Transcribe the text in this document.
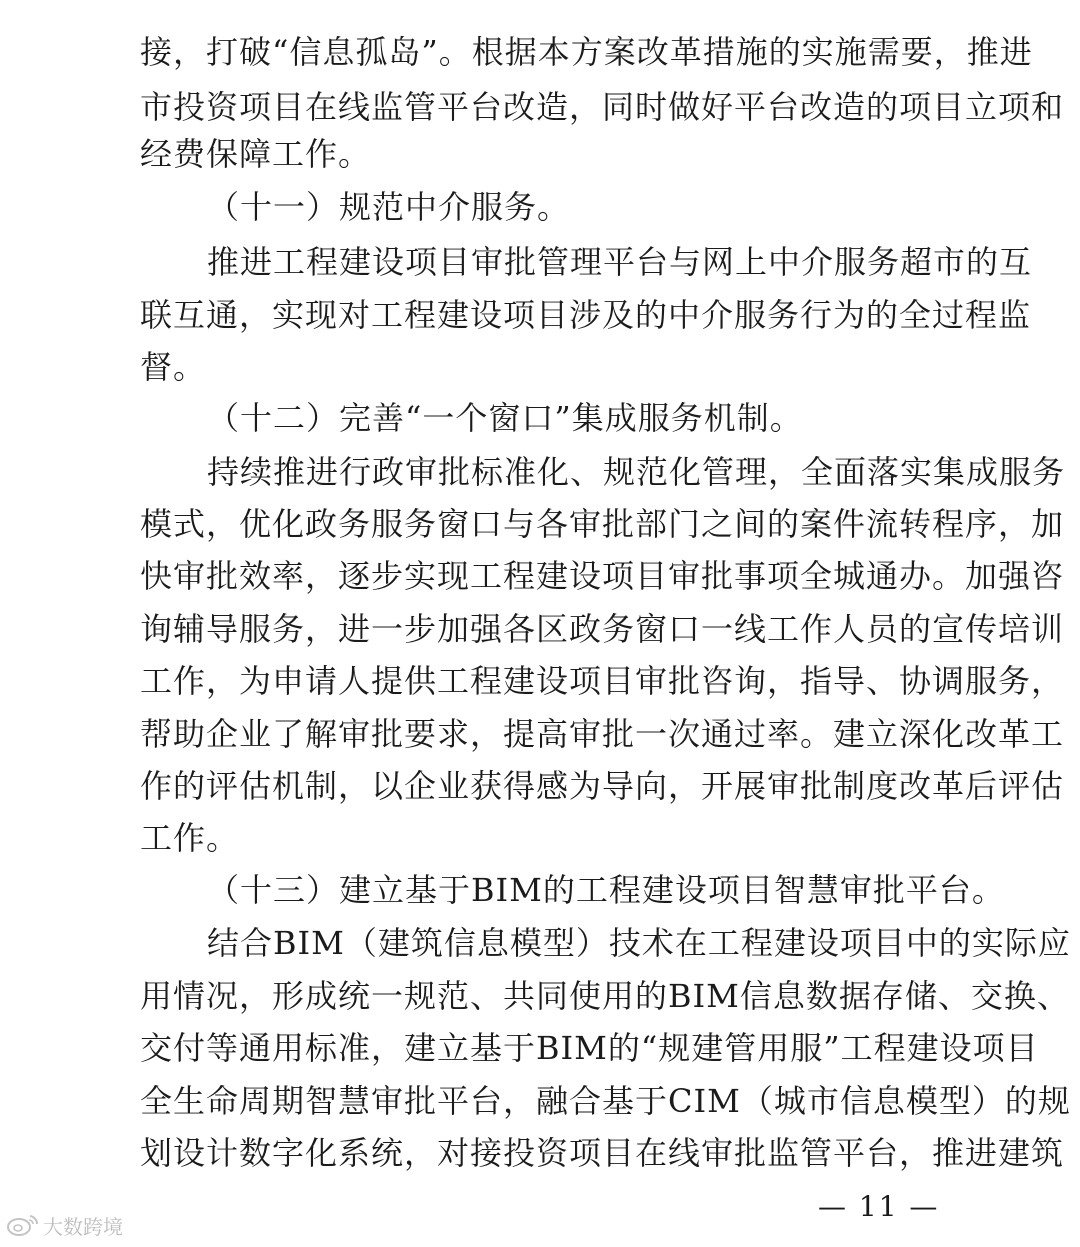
接，打破“信息孤岛”。根据本方案改革措施的实施需要，推进
市投资项目在线监管平台改造，同时做好平台改造的项目立项和
经费保障工作。
（十一）规范中介服务。
推进工程建设项目审批管理平台与网上中介服务超市的互
联互通，实现对工程建设项目涉及的中介服务行为的全过程监
督。
（十二）完善“一个窗口”集成服务机制。
持续推进行政审批标准化、规范化管理，全面落实集成服务
模式，优化政务服务窗口与各审批部门之间的案件流转程序，加
快审批效率，逐步实现工程建设项目审批事项全城通办。加强咨
询辅导服务，进一步加强各区政务窗口一线工作人员的宣传培训
工作，为申请人提供工程建设项目审批咨询，指导、协调服务，
帮助企业了解审批要求，提高审批一次通过率。建立深化改革工
作的评估机制，以企业获得感为导向，开展审批制度改革后评估
工作。
（十三）建立基于BIM的工程建设项目智慧审批平台。
结合BIM（建筑信息模型）技术在工程建设项目中的实际应
用情况，形成统一规范、共同使用的BIM信息数据存储、交换、
交付等通用标准，建立基于BIM的“规建管用服”工程建设项目
全生命周期智慧审批平台，融合基于CIM（城市信息模型）的规
划设计数字化系统，对接投资项目在线审批监管平台，推进建筑
— 11 —
大数跨境
